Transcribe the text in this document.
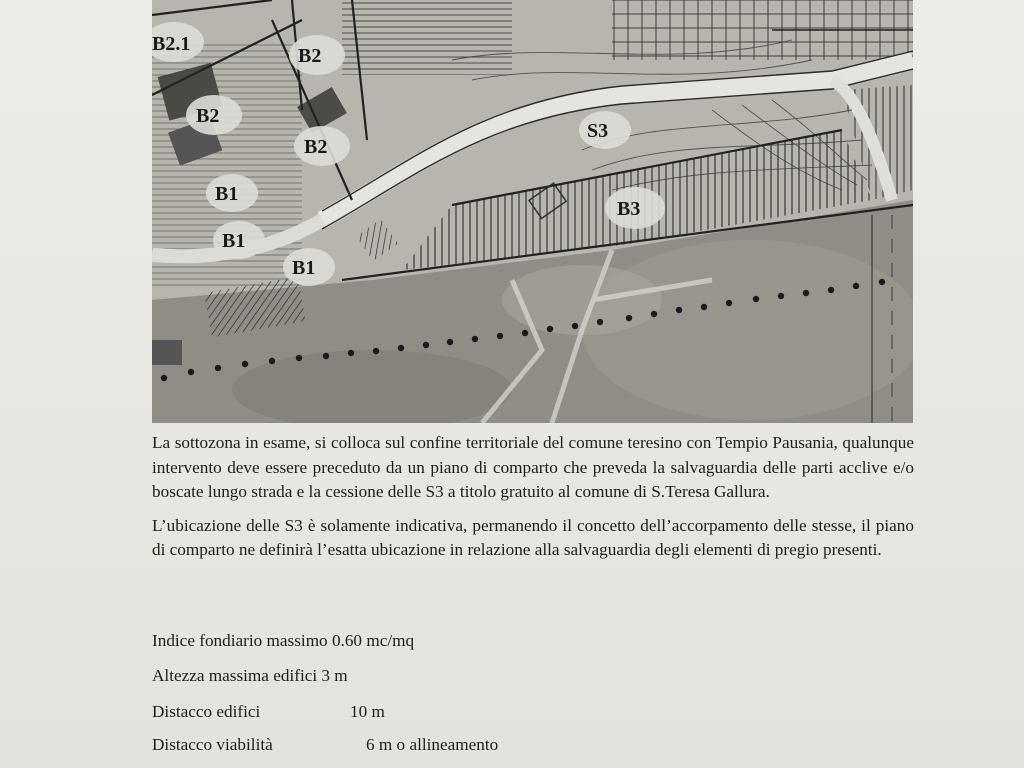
B2.1
B2
B2
B2
S3
B1
B1
B3
B1

La sottozona in esame, si colloca sul confine territoriale del comune teresino con Tempio Pausania, qualunque intervento deve essere preceduto da un piano di comparto che preveda la salvaguardia delle parti acclive e/o boscate lungo strada e la cessione delle S3 a titolo gratuito al comune di S.Teresa Gallura.

L’ubicazione delle S3 è solamente indicativa, permanendo il concetto dell’accorpamento delle stesse, il piano di comparto ne definirà l’esatta ubicazione in relazione alla salvaguardia degli elementi di pregio presenti.

Indice fondiario massimo 0.60 mc/mq
Altezza massima edifici 3 m
Distacco edifici	10 m
Distacco viabilità	6 m o allineamento
